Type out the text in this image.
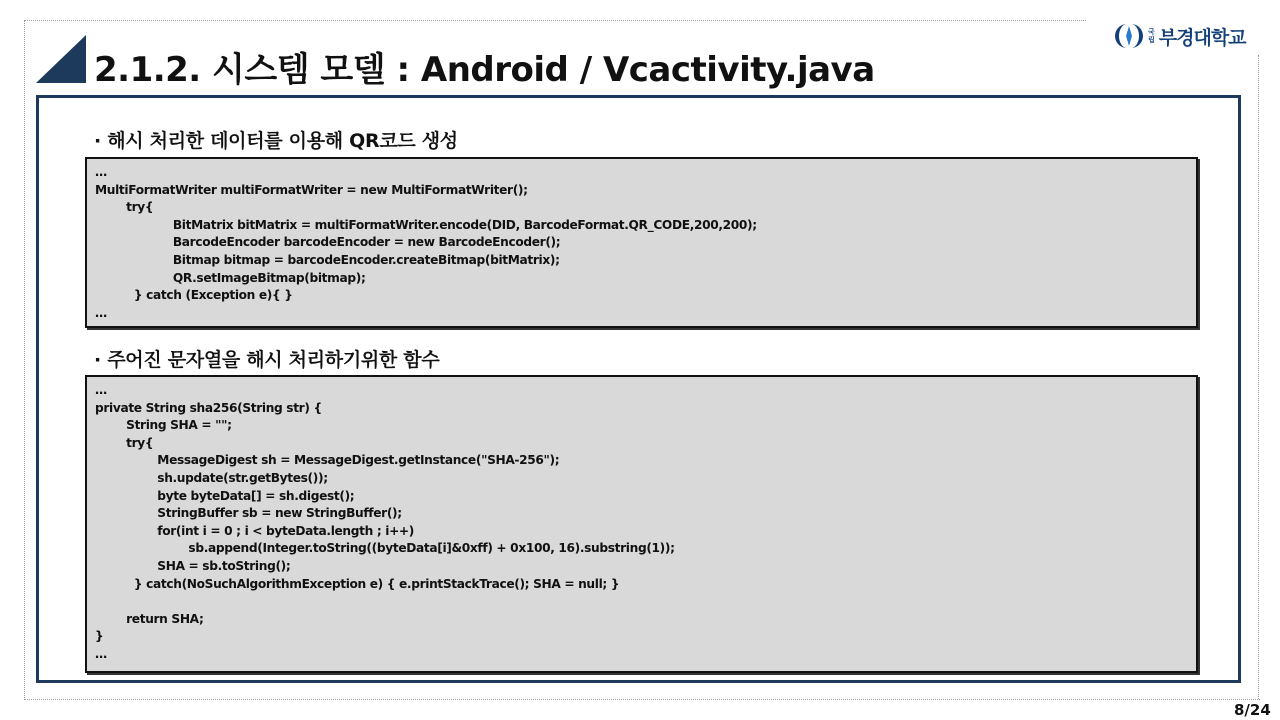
2.1.2. 시스템 모델 : Android / Vcactivity.java
국
립 부경대학교
· 해시 처리한 데이터를 이용해 QR코드 생성
…
MultiFormatWriter multiFormatWriter = new MultiFormatWriter();
try{
BitMatrix bitMatrix = multiFormatWriter.encode(DID, BarcodeFormat.QR_CODE,200,200);
BarcodeEncoder barcodeEncoder = new BarcodeEncoder();
Bitmap bitmap = barcodeEncoder.createBitmap(bitMatrix);
QR.setImageBitmap(bitmap);
} catch (Exception e){ }
…
· 주어진 문자열을 해시 처리하기위한 함수
…
private String sha256(String str) {
String SHA = "";
try{
MessageDigest sh = MessageDigest.getInstance("SHA-256");
sh.update(str.getBytes());
byte byteData[] = sh.digest();
StringBuffer sb = new StringBuffer();
for(int i = 0 ; i < byteData.length ; i++)
sb.append(Integer.toString((byteData[i]&0xff) + 0x100, 16).substring(1));
SHA = sb.toString();
} catch(NoSuchAlgorithmException e) { e.printStackTrace(); SHA = null; }

return SHA;
}
…
8/24
